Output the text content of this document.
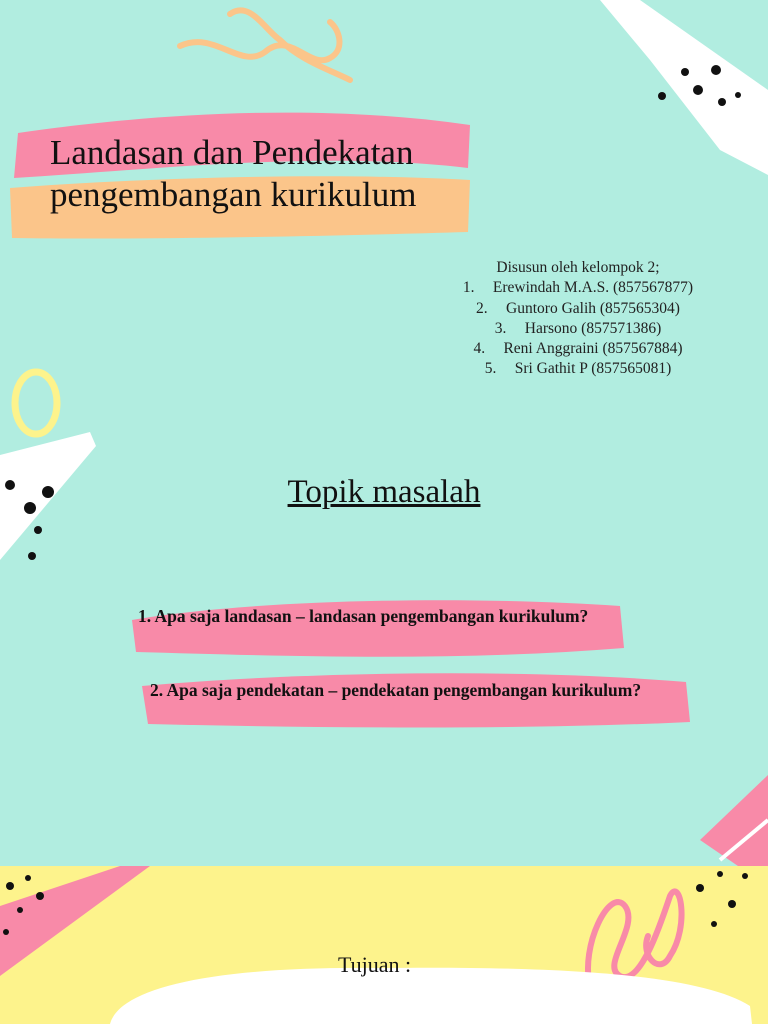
Landasan dan Pendekatan
pengembangan kurikulum
Disusun oleh kelompok 2;
1. Erewindah M.A.S. (857567877)
2. Guntoro Galih (857565304)
3. Harsono (857571386)
4. Reni Anggraini (857567884)
5. Sri Gathit P (857565081)
Topik masalah
1. Apa saja landasan – landasan pengembangan kurikulum?
2. Apa saja pendekatan – pendekatan pengembangan kurikulum?
Tujuan :
